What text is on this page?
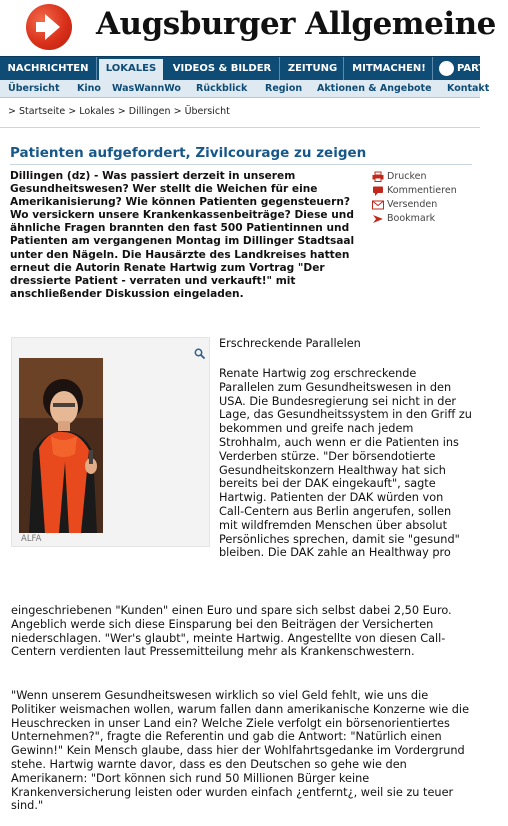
Augsburger Allgemeine
NACHRICHTEN	LOKALES	VIDEOS & BILDER	ZEITUNG	MITMACHEN!	PARTNER
Übersicht Kino WasWannWo Rückblick Region Aktionen & Angebote Kontakt
> Startseite > Lokales > Dillingen > Übersicht
Patienten aufgefordert, Zivilcourage zu zeigen
Dillingen (dz) - Was passiert derzeit in unserem Gesundheitswesen? Wer stellt die Weichen für eine Amerikanisierung? Wie können Patienten gegensteuern? Wo versickern unsere Krankenkassenbeiträge? Diese und ähnliche Fragen brannten den fast 500 Patientinnen und Patienten am vergangenen Montag im Dillinger Stadtsaal unter den Nägeln. Die Hausärzte des Landkreises hatten erneut die Autorin Renate Hartwig zum Vortrag "Der dressierte Patient - verraten und verkauft!" mit anschließender Diskussion eingeladen.
Drucken
Kommentieren
Versenden
Bookmark
ALFA
Erschreckende Parallelen
Renate Hartwig zog erschreckende Parallelen zum Gesundheitswesen in den USA. Die Bundesregierung sei nicht in der Lage, das Gesundheitssystem in den Griff zu bekommen und greife nach jedem Strohhalm, auch wenn er die Patienten ins Verderben stürze. "Der börsendotierte Gesundheitskonzern Healthway hat sich bereits bei der DAK eingekauft", sagte Hartwig. Patienten der DAK würden von Call-Centern aus Berlin angerufen, sollen mit wildfremden Menschen über absolut Persönliches sprechen, damit sie "gesund" bleiben. Die DAK zahle an Healthway pro
eingeschriebenen "Kunden" einen Euro und spare sich selbst dabei 2,50 Euro. Angeblich werde sich diese Einsparung bei den Beiträgen der Versicherten niederschlagen. "Wer's glaubt", meinte Hartwig. Angestellte von diesen Call-Centern verdienten laut Pressemitteilung mehr als Krankenschwestern.
"Wenn unserem Gesundheitswesen wirklich so viel Geld fehlt, wie uns die Politiker weismachen wollen, warum fallen dann amerikanische Konzerne wie die Heuschrecken in unser Land ein? Welche Ziele verfolgt ein börsenorientiertes Unternehmen?", fragte die Referentin und gab die Antwort: "Natürlich einen Gewinn!" Kein Mensch glaube, dass hier der Wohlfahrtsgedanke im Vordergrund stehe. Hartwig warnte davor, dass es den Deutschen so gehe wie den Amerikanern: "Dort können sich rund 50 Millionen Bürger keine Krankenversicherung leisten oder wurden einfach ¿entfernt¿, weil sie zu teuer sind."
